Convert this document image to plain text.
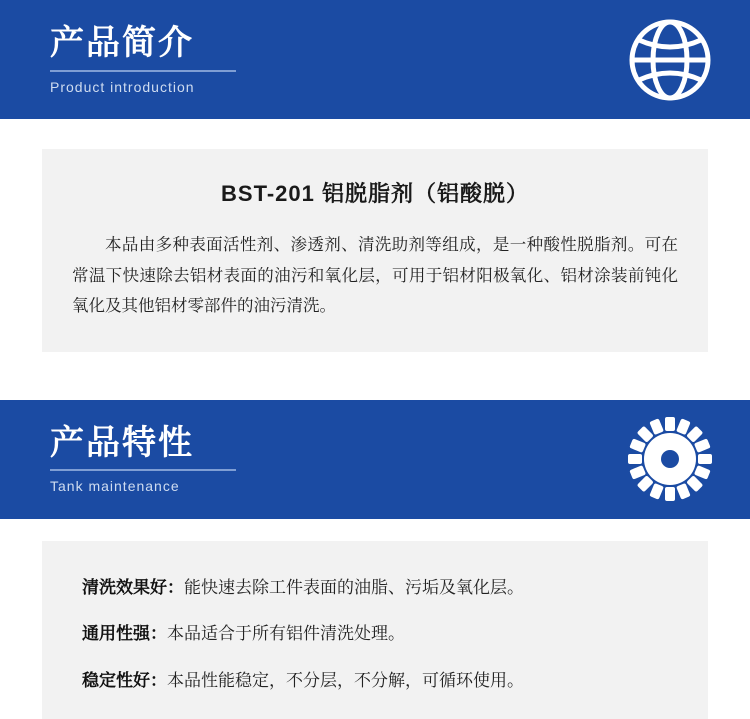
产品简介
Product introduction
BST-201 铝脱脂剂（铝酸脱）
本品由多种表面活性剂、渗透剂、清洗助剂等组成，是一种酸性脱脂剂。可在常温下快速除去铝材表面的油污和氧化层，可用于铝材阳极氧化、铝材涂装前钝化氧化及其他铝材零部件的油污清洗。
产品特性
Tank maintenance
清洗效果好：能快速去除工件表面的油脂、污垢及氧化层。
通用性强：本品适合于所有铝件清洗处理。
稳定性好：本品性能稳定，不分层，不分解，可循环使用。
